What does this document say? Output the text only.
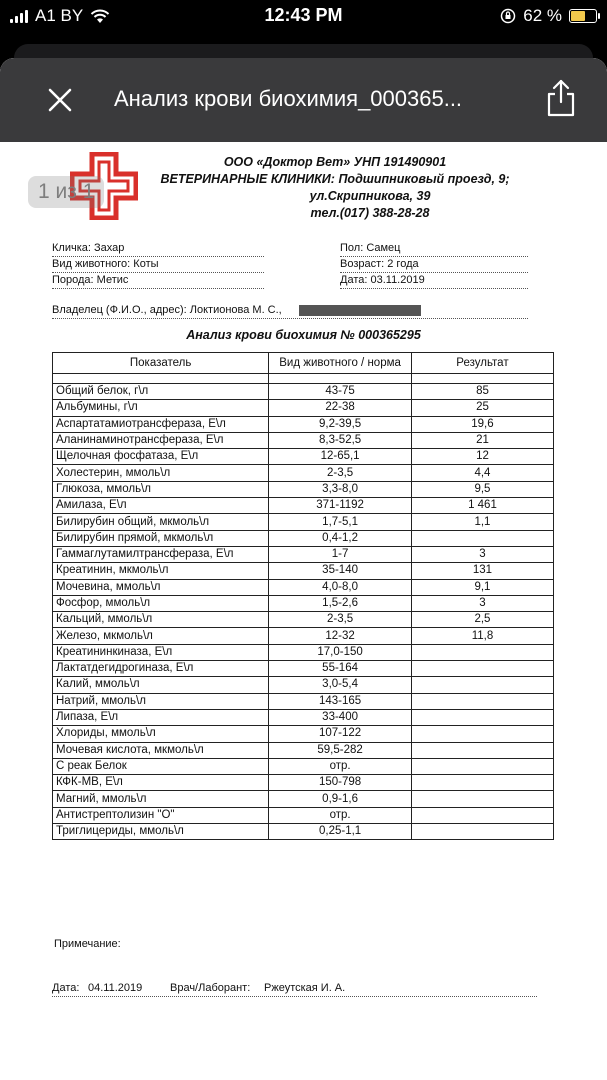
A1 BY	12:43 PM	62 %
Анализ крови биохимия_000365...
1 из 1
ООО «Доктор Вет» УНП 191490901
ВЕТЕРИНАРНЫЕ КЛИНИКИ: Подшипниковый проезд, 9;
ул.Скрипникова, 39
тел.(017) 388-28-28
Кличка: Захар
Вид животного: Коты
Порода: Метис
Пол: Самец
Возраст: 2 года
Дата: 03.11.2019
Владелец (Ф.И.О., адрес): Локтионова М. С.,
Анализ крови биохимия № 000365295
Показатель	Вид животного / норма	Результат

Общий белок, г\л	43-75	85
Альбумины, г\л	22-38	25
Аспартатамиотрансфераза, Е\л	9,2-39,5	19,6
Аланинаминотрансфераза, Е\л	8,3-52,5	21
Щелочная фосфатаза, Е\л	12-65,1	12
Холестерин, ммоль\л	2-3,5	4,4
Глюкоза, ммоль\л	3,3-8,0	9,5
Амилаза, Е\л	371-1192	1 461
Билирубин общий, мкмоль\л	1,7-5,1	1,1
Билирубин прямой, мкмоль\л	0,4-1,2	
Гаммаглутамилтрансфераза, Е\л	1-7	3
Креатинин, мкмоль\л	35-140	131
Мочевина, ммоль\л	4,0-8,0	9,1
Фосфор, ммоль\л	1,5-2,6	3
Кальций, ммоль\л	2-3,5	2,5
Железо, мкмоль\л	12-32	11,8
Креатининкиназа, Е\л	17,0-150	
Лактатдегидрогиназа, Е\л	55-164	
Калий, ммоль\л	3,0-5,4	
Натрий, ммоль\л	143-165	
Липаза, Е\л	33-400	
Хлориды, ммоль\л	107-122	
Мочевая кислота, мкмоль\л	59,5-282	
С реак Белок	отр.	
КФК-МВ, Е\л	150-798	
Магний, ммоль\л	0,9-1,6	
Антистрептолизин "О"	отр.	
Триглицериды, ммоль\л	0,25-1,1	
Примечание:
Дата: 04.11.2019	Врач/Лаборант: Ржеутская И. А.
